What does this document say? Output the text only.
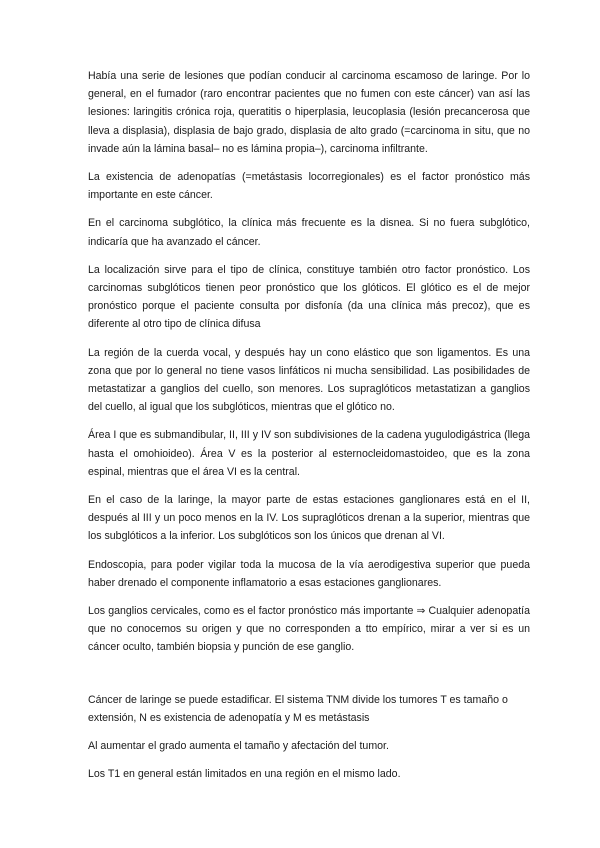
Había una serie de lesiones que podían conducir al carcinoma escamoso de laringe. Por lo general, en el fumador (raro encontrar pacientes que no fumen con este cáncer) van así las lesiones: laringitis crónica roja, queratitis o hiperplasia, leucoplasia (lesión precancerosa que lleva a displasia), displasia de bajo grado, displasia de alto grado (=carcinoma in situ, que no invade aún la lámina basal– no es lámina propia–), carcinoma infiltrante.

La existencia de adenopatías (=metástasis locorregionales) es el factor pronóstico más importante en este cáncer.

En el carcinoma subglótico, la clínica más frecuente es la disnea. Si no fuera subglótico, indicaría que ha avanzado el cáncer.

La localización sirve para el tipo de clínica, constituye también otro factor pronóstico. Los carcinomas subglóticos tienen peor pronóstico que los glóticos. El glótico es el de mejor pronóstico porque el paciente consulta por disfonía (da una clínica más precoz), que es diferente al otro tipo de clínica difusa

La región de la cuerda vocal, y después hay un cono elástico que son ligamentos. Es una zona que por lo general no tiene vasos linfáticos ni mucha sensibilidad. Las posibilidades de metastatizar a ganglios del cuello, son menores. Los supraglóticos metastatizan a ganglios del cuello, al igual que los subglóticos, mientras que el glótico no.

Área I que es submandibular, II, III y IV son subdivisiones de la cadena yugulodigástrica (llega hasta el omohioideo). Área V es la posterior al esternocleidomastoideo, que es la zona espinal, mientras que el área VI es la central.

En el caso de la laringe, la mayor parte de estas estaciones ganglionares está en el II, después al III y un poco menos en la IV. Los supraglóticos drenan a la superior, mientras que los subglóticos a la inferior. Los subglóticos son los únicos que drenan al VI.

Endoscopia, para poder vigilar toda la mucosa de la vía aerodigestiva superior que pueda haber drenado el componente inflamatorio a esas estaciones ganglionares.

Los ganglios cervicales, como es el factor pronóstico más importante ⇒ Cualquier adenopatía que no conocemos su origen y que no corresponden a tto empírico, mirar a ver si es un cáncer oculto, también biopsia y punción de ese ganglio.

Cáncer de laringe se puede estadificar. El sistema TNM divide los tumores T es tamaño o extensión, N es existencia de adenopatía y M es metástasis

Al aumentar el grado aumenta el tamaño y afectación del tumor.

Los T1 en general están limitados en una región en el mismo lado.
